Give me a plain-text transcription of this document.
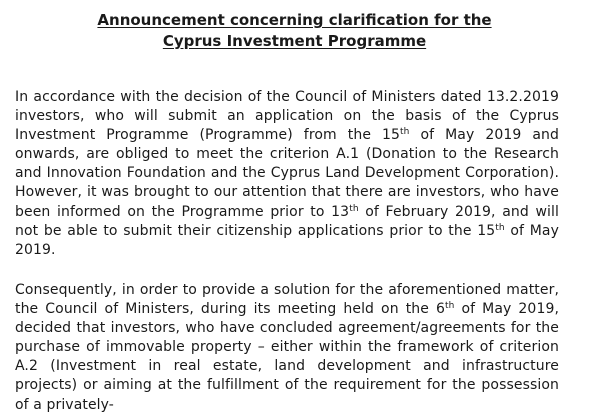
Announcement concerning clarification for the
Cyprus Investment Programme

In accordance with the decision of the Council of Ministers dated 13.2.2019 investors, who will submit an application on the basis of the Cyprus Investment Programme (Programme) from the 15th of May 2019 and onwards, are obliged to meet the criterion A.1 (Donation to the Research and Innovation Foundation and the Cyprus Land Development Corporation). However, it was brought to our attention that there are investors, who have been informed on the Programme prior to 13th of February 2019, and will not be able to submit their citizenship applications prior to the 15th of May 2019.

Consequently, in order to provide a solution for the aforementioned matter, the Council of Ministers, during its meeting held on the 6th of May 2019, decided that investors, who have concluded agreement/agreements for the purchase of immovable property – either within the framework of criterion A.2 (Investment in real estate, land development and infrastructure projects) or aiming at the fulfillment of the requirement for the possession of a privately-
